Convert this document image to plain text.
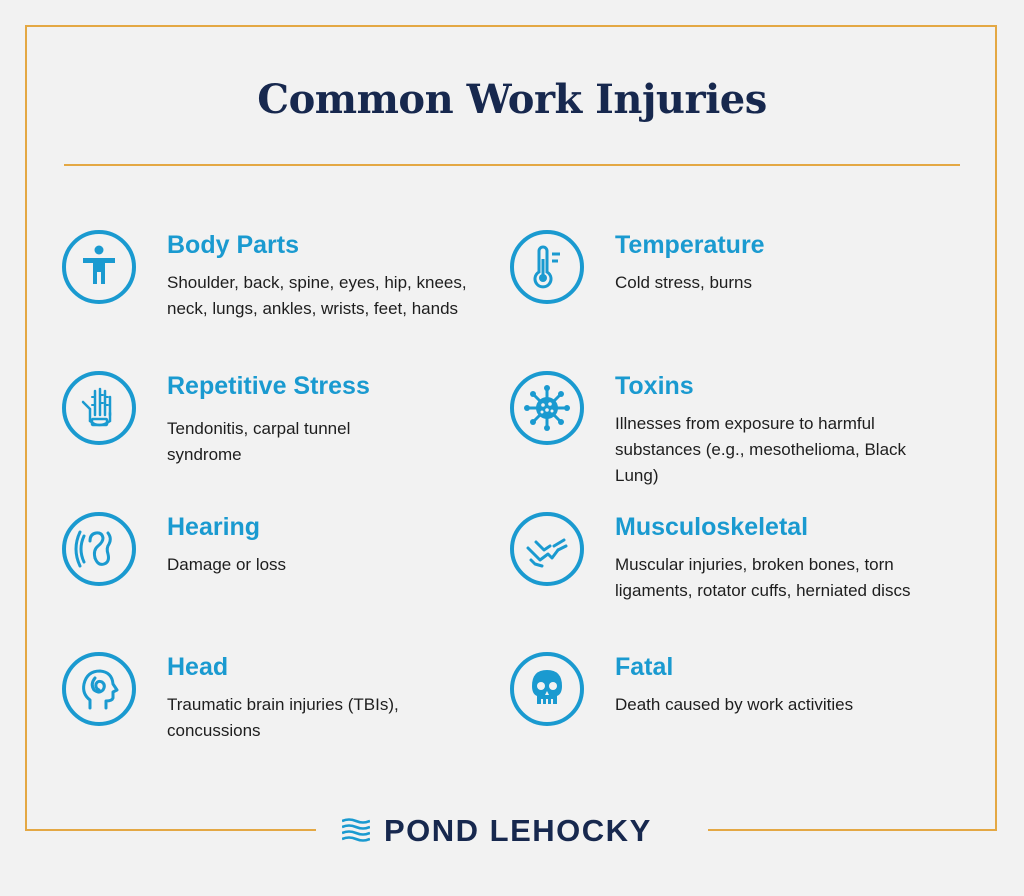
Common Work Injuries
Body Parts
Shoulder, back, spine, eyes, hip, knees, neck, lungs, ankles, wrists, feet, hands
Temperature
Cold stress, burns
Repetitive Stress
Tendonitis, carpal tunnel syndrome
Toxins
Illnesses from exposure to harmful substances (e.g., mesothelioma, Black Lung)
Hearing
Damage or loss
Musculoskeletal
Muscular injuries, broken bones, torn ligaments, rotator cuffs, herniated discs
Head
Traumatic brain injuries (TBIs), concussions
Fatal
Death caused by work activities
POND LEHOCKY
